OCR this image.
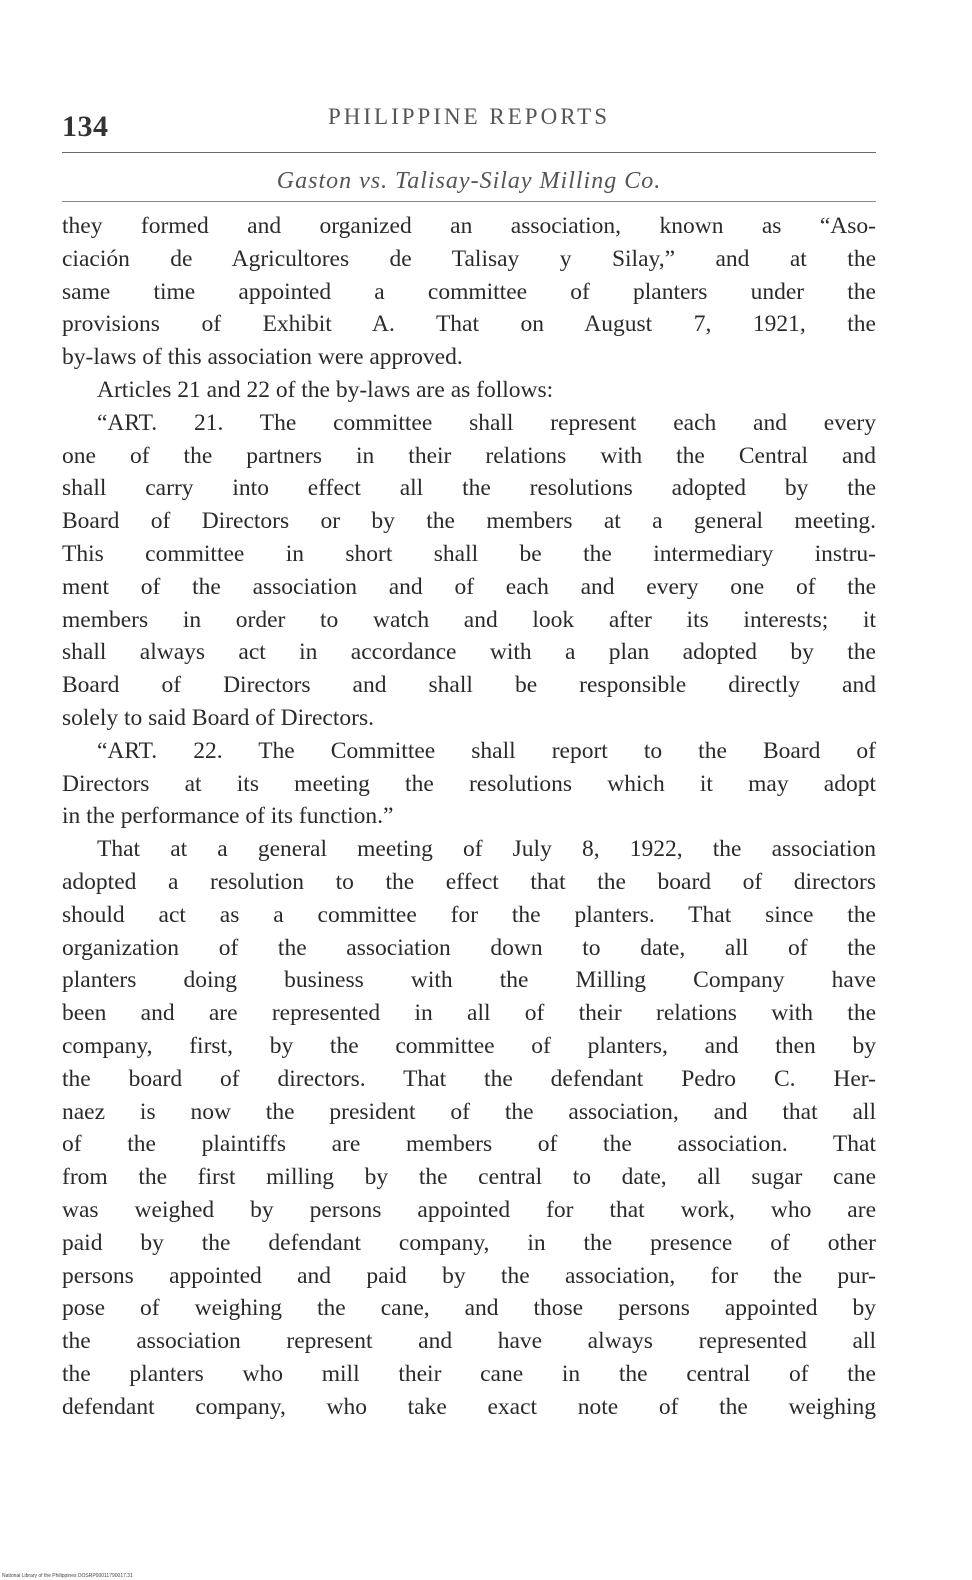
134	PHILIPPINE REPORTS
Gaston vs. Talisay-Silay Milling Co.
they formed and organized an association, known as “Aso-
ciación de Agricultores de Talisay y Silay,” and at the
same time appointed a committee of planters under the
provisions of Exhibit A. That on August 7, 1921, the
by-laws of this association were approved.
Articles 21 and 22 of the by-laws are as follows:
“ART. 21. The committee shall represent each and every
one of the partners in their relations with the Central and
shall carry into effect all the resolutions adopted by the
Board of Directors or by the members at a general meeting.
This committee in short shall be the intermediary instru-
ment of the association and of each and every one of the
members in order to watch and look after its interests; it
shall always act in accordance with a plan adopted by the
Board of Directors and shall be responsible directly and
solely to said Board of Directors.
“ART. 22. The Committee shall report to the Board of
Directors at its meeting the resolutions which it may adopt
in the performance of its function.”
That at a general meeting of July 8, 1922, the association
adopted a resolution to the effect that the board of directors
should act as a committee for the planters. That since the
organization of the association down to date, all of the
planters doing business with the Milling Company have
been and are represented in all of their relations with the
company, first, by the committee of planters, and then by
the board of directors. That the defendant Pedro C. Her-
naez is now the president of the association, and that all
of the plaintiffs are members of the association. That
from the first milling by the central to date, all sugar cane
was weighed by persons appointed for that work, who are
paid by the defendant company, in the presence of other
persons appointed and paid by the association, for the pur-
pose of weighing the cane, and those persons appointed by
the association represent and have always represented all
the planters who mill their cane in the central of the
defendant company, who take exact note of the weighing
National Library of the Philippines DOSRP00011790017.31
